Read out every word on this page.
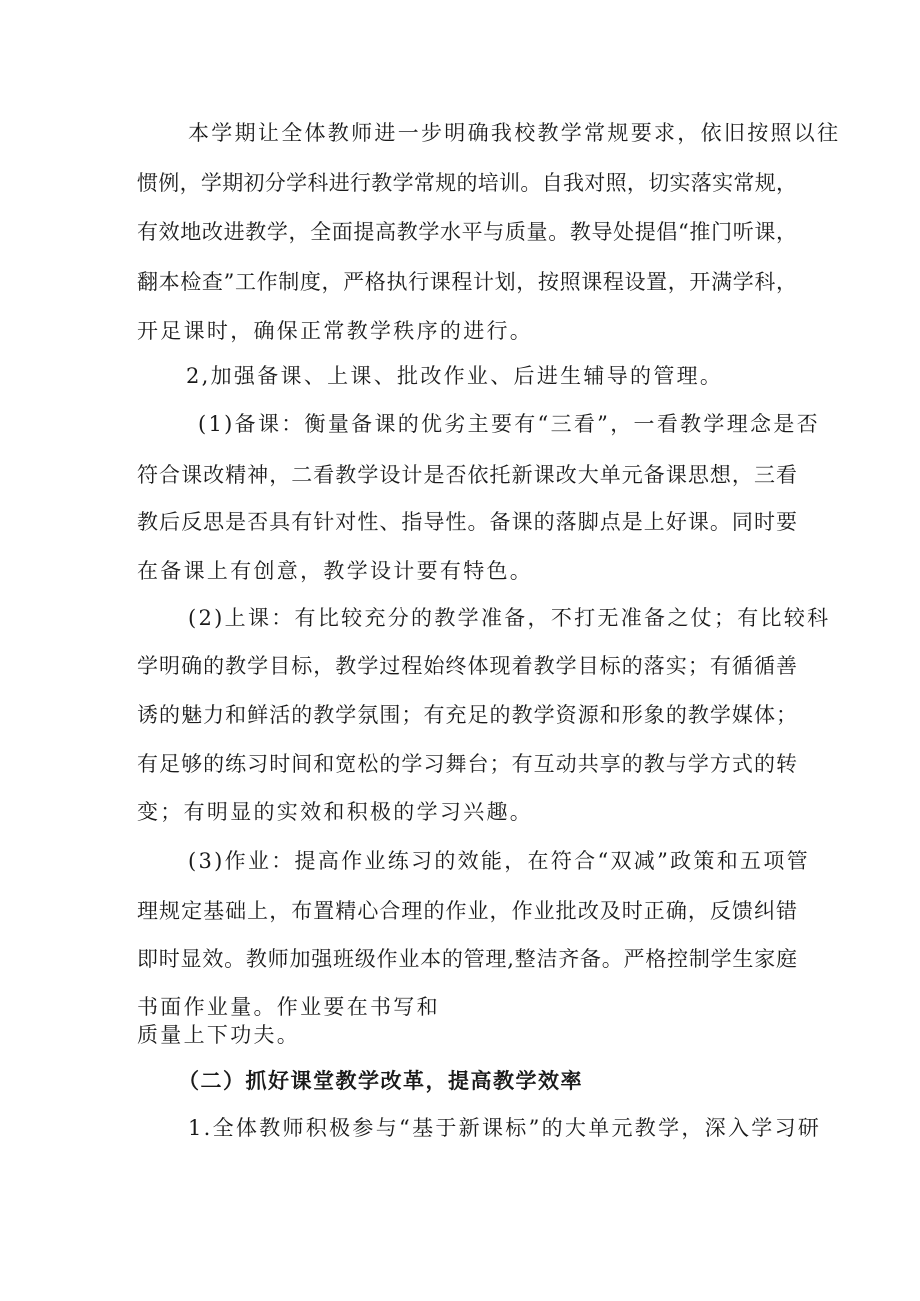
本学期让全体教师进一步明确我校教学常规要求，依旧按照以往
惯例，学期初分学科进行教学常规的培训。自我对照，切实落实常规，
有效地改进教学，全面提高教学水平与质量。教导处提倡“推门听课，
翻本检查”工作制度，严格执行课程计划，按照课程设置，开满学科，
开足课时，确保正常教学秩序的进行。
2,加强备课、上课、批改作业、后进生辅导的管理。
(1)备课：衡量备课的优劣主要有“三看”，一看教学理念是否
符合课改精神，二看教学设计是否依托新课改大单元备课思想，三看
教后反思是否具有针对性、指导性。备课的落脚点是上好课。同时要
在备课上有创意，教学设计要有特色。
(2)上课：有比较充分的教学准备，不打无准备之仗；有比较科
学明确的教学目标，教学过程始终体现着教学目标的落实；有循循善
诱的魅力和鲜活的教学氛围；有充足的教学资源和形象的教学媒体；
有足够的练习时间和宽松的学习舞台；有互动共享的教与学方式的转
变；有明显的实效和积极的学习兴趣。
(3)作业：提高作业练习的效能，在符合“双减”政策和五项管
理规定基础上，布置精心合理的作业，作业批改及时正确，反馈纠错
即时显效。教师加强班级作业本的管理,整洁齐备。严格控制学生家庭
书面作业量。作业要在书写和
质量上下功夫。
（二）抓好课堂教学改革，提高教学效率
1.全体教师积极参与“基于新课标”的大单元教学，深入学习研
